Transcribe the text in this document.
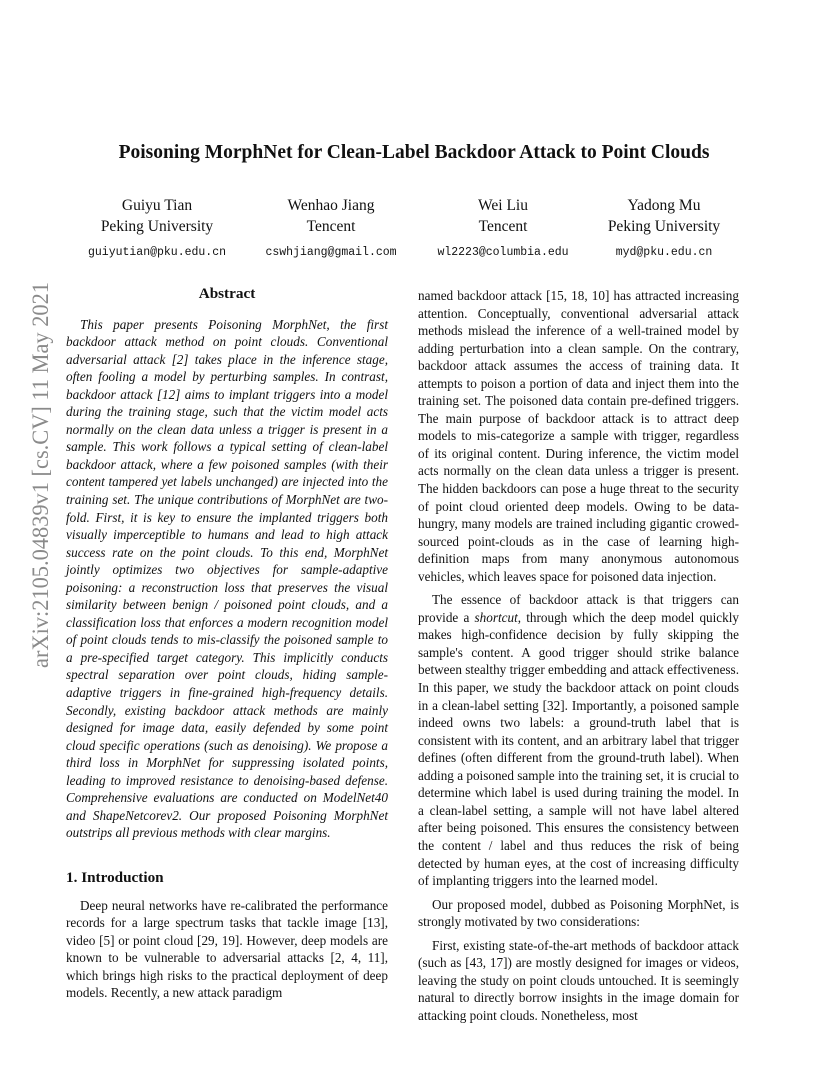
Poisoning MorphNet for Clean-Label Backdoor Attack to Point Clouds
Guiyu Tian
Peking University
guiyutian@pku.edu.cn
Wenhao Jiang
Tencent
cswhjiang@gmail.com
Wei Liu
Tencent
wl2223@columbia.edu
Yadong Mu
Peking University
myd@pku.edu.cn
arXiv:2105.04839v1 [cs.CV] 11 May 2021	Abstract

This paper presents Poisoning MorphNet, the first backdoor attack method on point clouds. Conventional adversarial attack [2] takes place in the inference stage, often fooling a model by perturbing samples. In contrast, backdoor attack [12] aims to implant triggers into a model during the training stage, such that the victim model acts normally on the clean data unless a trigger is present in a sample. This work follows a typical setting of clean-label backdoor attack, where a few poisoned samples (with their content tampered yet labels unchanged) are injected into the training set. The unique contributions of MorphNet are two-fold. First, it is key to ensure the implanted triggers both visually imperceptible to humans and lead to high attack success rate on the point clouds. To this end, MorphNet jointly optimizes two objectives for sample-adaptive poisoning: a reconstruction loss that preserves the visual similarity between benign / poisoned point clouds, and a classification loss that enforces a modern recognition model of point clouds tends to mis-classify the poisoned sample to a pre-specified target category. This implicitly conducts spectral separation over point clouds, hiding sample-adaptive triggers in fine-grained high-frequency details. Secondly, existing backdoor attack methods are mainly designed for image data, easily defended by some point cloud specific operations (such as denoising). We propose a third loss in MorphNet for suppressing isolated points, leading to improved resistance to denoising-based defense. Comprehensive evaluations are conducted on ModelNet40 and ShapeNetcorev2. Our proposed Poisoning MorphNet outstrips all previous methods with clear margins.

1. Introduction

Deep neural networks have re-calibrated the performance records for a large spectrum tasks that tackle image [13], video [5] or point cloud [29, 19]. However, deep models are known to be vulnerable to adversarial attacks [2, 4, 11], which brings high risks to the practical deployment of deep models. Recently, a new attack paradigm

named backdoor attack [15, 18, 10] has attracted increasing attention. Conceptually, conventional adversarial attack methods mislead the inference of a well-trained model by adding perturbation into a clean sample. On the contrary, backdoor attack assumes the access of training data. It attempts to poison a portion of data and inject them into the training set. The poisoned data contain pre-defined triggers. The main purpose of backdoor attack is to attract deep models to mis-categorize a sample with trigger, regardless of its original content. During inference, the victim model acts normally on the clean data unless a trigger is present. The hidden backdoors can pose a huge threat to the security of point cloud oriented deep models. Owing to be data-hungry, many models are trained including gigantic crowed-sourced point-clouds as in the case of learning high-definition maps from many anonymous autonomous vehicles, which leaves space for poisoned data injection.

The essence of backdoor attack is that triggers can provide a shortcut, through which the deep model quickly makes high-confidence decision by fully skipping the sample's content. A good trigger should strike balance between stealthy trigger embedding and attack effectiveness. In this paper, we study the backdoor attack on point clouds in a clean-label setting [32]. Importantly, a poisoned sample indeed owns two labels: a ground-truth label that is consistent with its content, and an arbitrary label that trigger defines (often different from the ground-truth label). When adding a poisoned sample into the training set, it is crucial to determine which label is used during training the model. In a clean-label setting, a sample will not have label altered after being poisoned. This ensures the consistency between the content / label and thus reduces the risk of being detected by human eyes, at the cost of increasing difficulty of implanting triggers into the learned model.

Our proposed model, dubbed as Poisoning MorphNet, is strongly motivated by two considerations:

First, existing state-of-the-art methods of backdoor attack (such as [43, 17]) are mostly designed for images or videos, leaving the study on point clouds untouched. It is seemingly natural to directly borrow insights in the image domain for attacking point clouds. Nonetheless, most
